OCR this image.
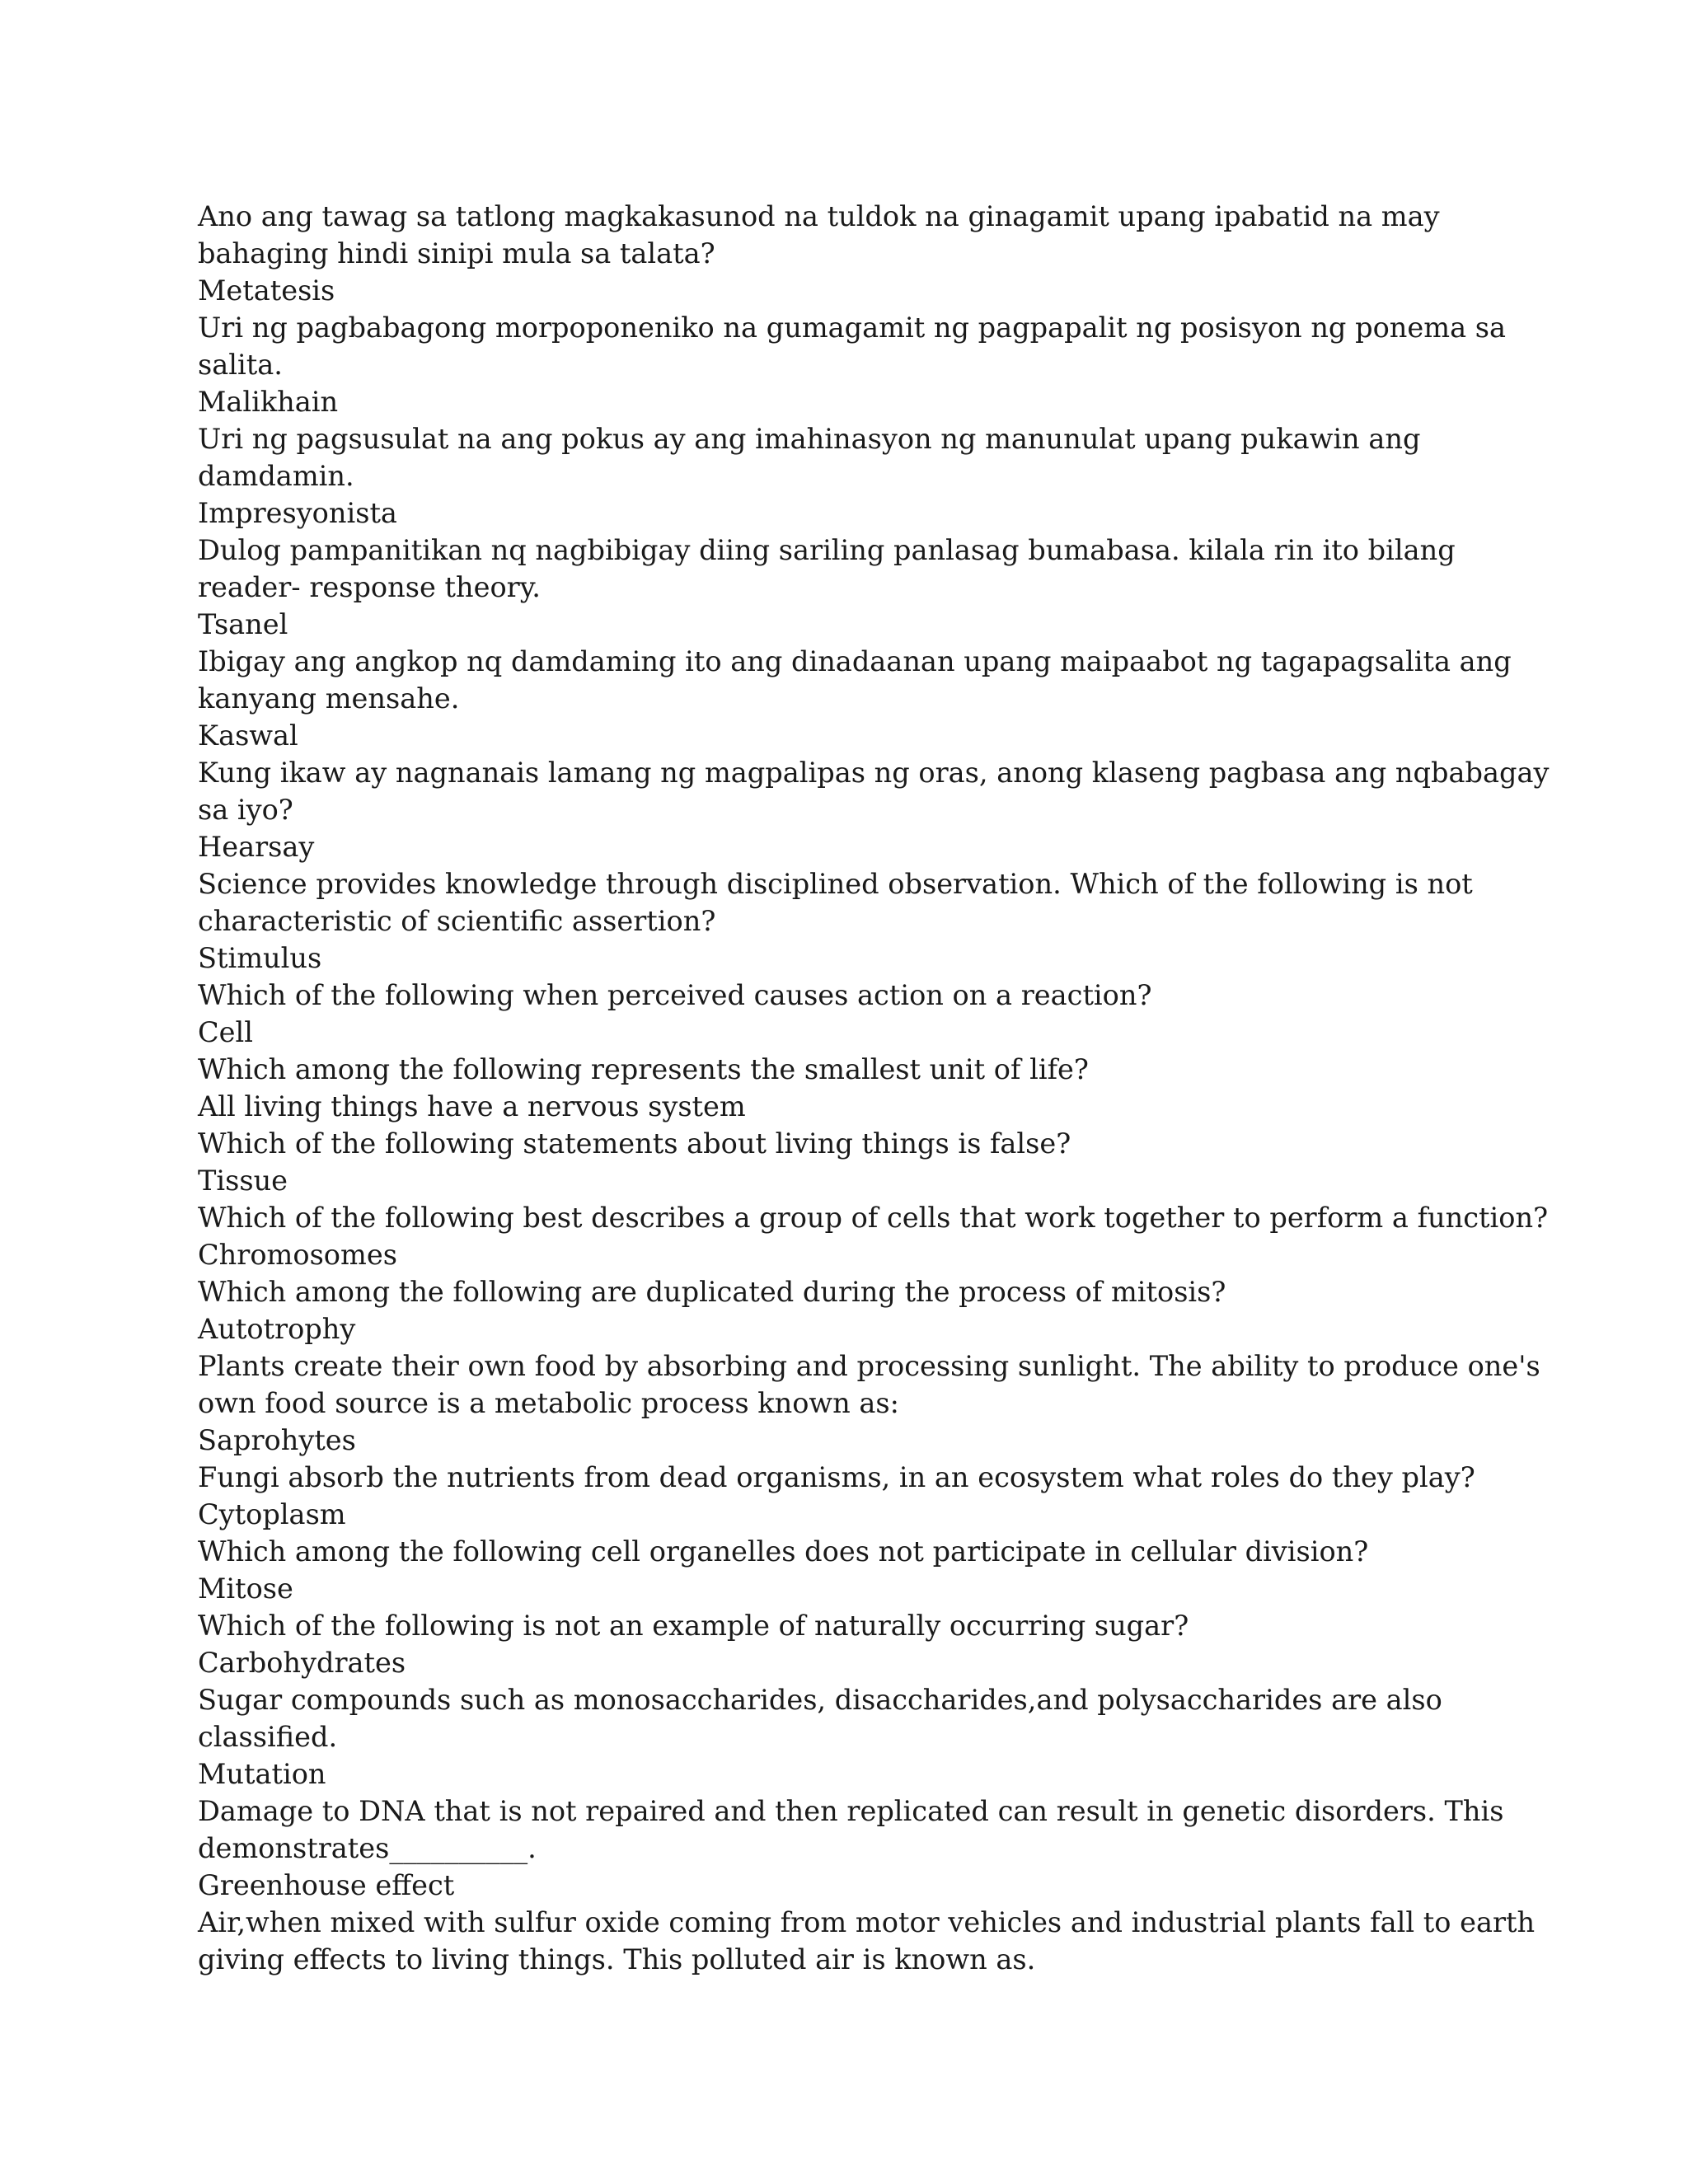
Ano ang tawag sa tatlong magkakasunod na tuldok na ginagamit upang ipabatid na may
bahaging hindi sinipi mula sa talata?
Metatesis
Uri ng pagbabagong morpoponeniko na gumagamit ng pagpapalit ng posisyon ng ponema sa
salita.
Malikhain
Uri ng pagsusulat na ang pokus ay ang imahinasyon ng manunulat upang pukawin ang
damdamin.
Impresyonista
Dulog pampanitikan nq nagbibigay diing sariling panlasag bumabasa. kilala rin ito bilang
reader- response theory.
Tsanel
Ibigay ang angkop nq damdaming ito ang dinadaanan upang maipaabot ng tagapagsalita ang
kanyang mensahe.
Kaswal
Kung ikaw ay nagnanais lamang ng magpalipas ng oras, anong klaseng pagbasa ang nqbabagay
sa iyo?
Hearsay
Science provides knowledge through disciplined observation. Which of the following is not
characteristic of scientific assertion?
Stimulus
Which of the following when perceived causes action on a reaction?
Cell
Which among the following represents the smallest unit of life?
All living things have a nervous system
Which of the following statements about living things is false?
Tissue
Which of the following best describes a group of cells that work together to perform a function?
Chromosomes
Which among the following are duplicated during the process of mitosis?
Autotrophy
Plants create their own food by absorbing and processing sunlight. The ability to produce one's
own food source is a metabolic process known as:
Saprohytes
Fungi absorb the nutrients from dead organisms, in an ecosystem what roles do they play?
Cytoplasm
Which among the following cell organelles does not participate in cellular division?
Mitose
Which of the following is not an example of naturally occurring sugar?
Carbohydrates
Sugar compounds such as monosaccharides, disaccharides,and polysaccharides are also
classified.
Mutation
Damage to DNA that is not repaired and then replicated can result in genetic disorders. This
demonstrates__________.
Greenhouse effect
Air,when mixed with sulfur oxide coming from motor vehicles and industrial plants fall to earth
giving effects to living things. This polluted air is known as.
